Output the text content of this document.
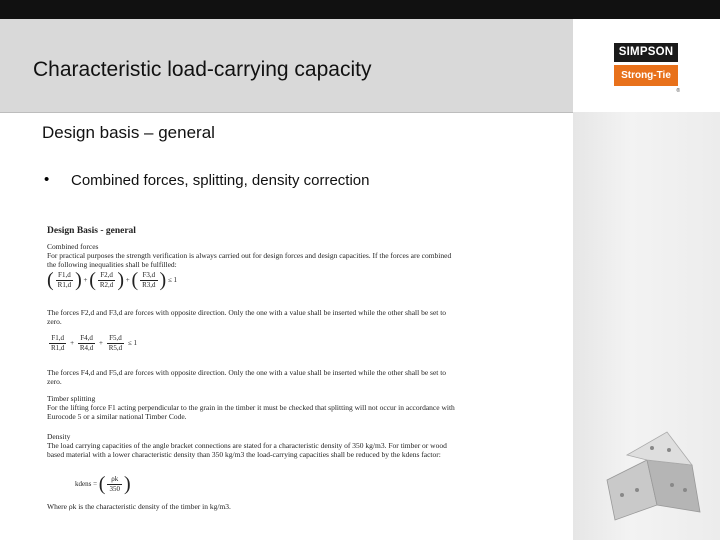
Characteristic load-carrying capacity
SIMPSON
Strong-Tie
®
Design basis – general
• Combined forces, splitting, density correction
Design Basis - general
Combined forces
For practical purposes the strength verification is always carried out for design forces and design capacities. If the forces are combined the following inequalities shall be fulfilled:
( $\frac{F1,d}{R1,d}$ ) + ( $\frac{F2,d}{R2,d}$ ) + ( $\frac{F3,d}{R3,d}$ )
≤ 1
The forces F2,d and F3,d are forces with opposite direction. Only the one with a value shall be inserted while the other shall be set to zero.
$\frac{F1,d}{R1,d} + \frac{F4,d}{R4,d} + \frac{F5,d}{R5,d}$
≤ 1
The forces F4,d and F5,d are forces with opposite direction. Only the one with a value shall be inserted while the other shall be set to zero.
Timber splitting
For the lifting force F1 acting perpendicular to the grain in the timber it must be checked that splitting will not occur in accordance with Eurocode 5 or a similar national Timber Code.
Density
The load carrying capacities of the angle bracket connections are stated for a characteristic density of 350 kg/m3. For timber or wood based material with a lower characteristic density than 350 kg/m3 the load-carrying capacities shall be reduced by the kdens factor:
kdens = ( $\frac{\rho k}{350}$ )
Where ρk is the characteristic density of the timber in kg/m3.
